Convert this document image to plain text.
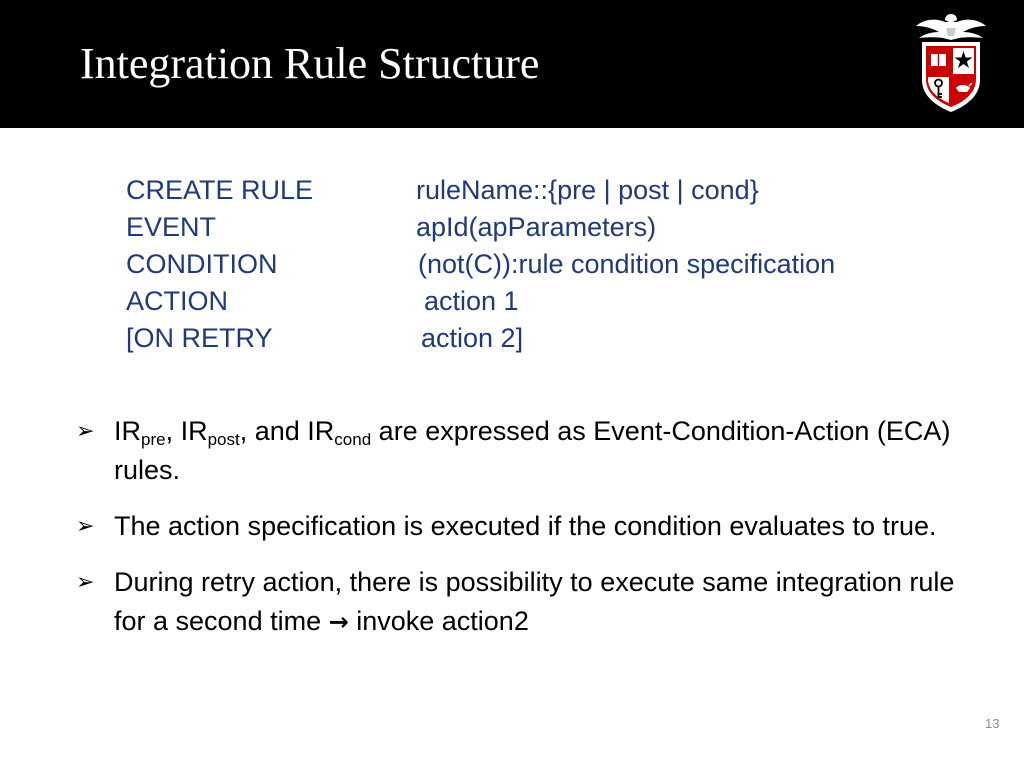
Integration Rule Structure
CREATE RULE	ruleName::{pre | post | cond}
EVENT	apId(apParameters)
CONDITION	(not(C)):rule condition specification
ACTION	action 1
[ON RETRY	action 2]
➢ $IR_{pre}$, $IR_{post}$, and $IR_{cond}$ are expressed as Event-Condition-Action (ECA) rules.
➢ The action specification is executed if the condition evaluates to true.
➢ During retry action, there is possibility to execute same integration rule for a second time → invoke action2
13
